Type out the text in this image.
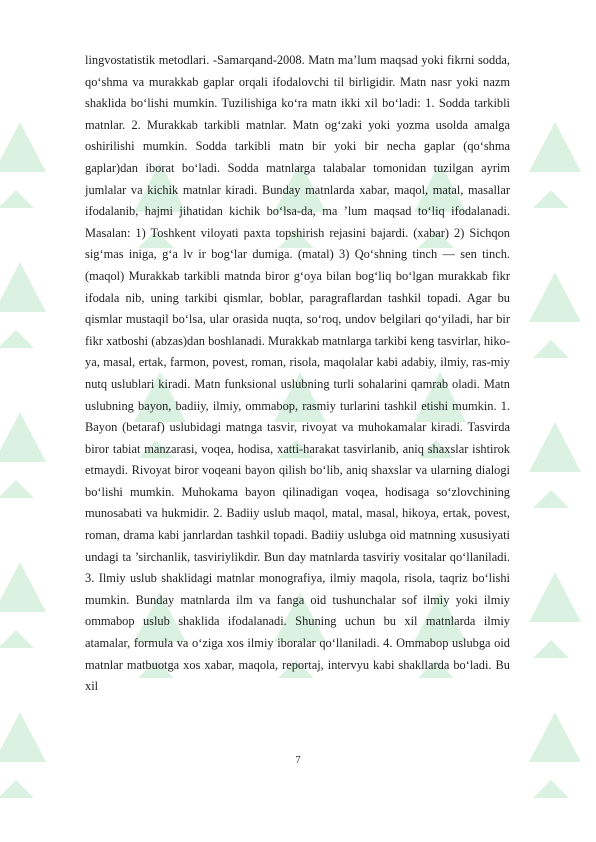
lingvostatistik metodlari. -Samarqand-2008. Matn ma’lum maqsad yoki fikrni sodda, qo‘shma va murakkab gaplar orqali ifodalovchi til birligidir. Matn nasr yoki nazm shaklida bo‘lishi mumkin. Tuzilishiga ko‘ra matn ikki xil bo‘ladi: 1. Sodda tarkibli matnlar. 2. Murakkab tarkibli matnlar. Matn og‘zaki yoki yozma usolda amalga oshirilishi mumkin. Sodda tarkibli matn bir yoki bir necha gaplar (qo‘shma gaplar)dan iborat bo‘ladi. Sodda matnlarga talabalar tomonidan tuzilgan ayrim jumlalar va kichik matnlar kiradi. Bunday matnlarda xabar, maqol, matal, masallar ifodalanib, hajmi jihatidan kichik bo‘lsa-da, ma ’lum maqsad to‘liq ifodalanadi. Masalan: 1) Toshkent viloyati paxta topshirish rejasini bajardi. (xabar) 2) Sichqon sig‘mas iniga, g‘a lv ir bog‘lar dumiga. (matal) 3) Qo‘shning tinch — sen tinch. (maqol) Murakkab tarkibli matnda biror g‘oya bilan bog‘liq bo‘lgan murakkab fikr ifodala nib, uning tarkibi qismlar, boblar, paragraflardan tashkil topadi. Agar bu qismlar mustaqil bo‘lsa, ular orasida nuqta, so‘roq, undov belgilari qo‘yiladi, har bir fikr xatboshi (abzas)dan boshlanadi. Murakkab matnlarga tarkibi keng tasvirlar, hiko-ya, masal, ertak, farmon, povest, roman, risola, maqolalar kabi adabiy, ilmiy, ras-miy nutq uslublari kiradi. Matn funksional uslubning turli sohalarini qamrab oladi. Matn uslubning bayon, badiiy, ilmiy, ommabop, rasmiy turlarini tashkil etishi mumkin. 1. Bayon (betaraf) uslubidagi matnga tasvir, rivoyat va muhokamalar kiradi. Tasvirda biror tabiat manzarasi, voqea, hodisa, xatti-harakat tasvirlanib, aniq shaxslar ishtirok etmaydi. Rivoyat biror voqeani bayon qilish bo‘lib, aniq shaxslar va ularning dialogi bo‘lishi mumkin. Muhokama bayon qilinadigan voqea, hodisaga so‘zlovchining munosabati va hukmidir. 2. Badiiy uslub maqol, matal, masal, hikoya, ertak, povest, roman, drama kabi janrlardan tashkil topadi. Badiiy uslubga oid matnning xususiyati undagi ta ’sirchanlik, tasviriylikdir. Bun day matnlarda tasviriy vositalar qo‘llaniladi. 3. Ilmiy uslub shaklidagi matnlar monografiya, ilmiy maqola, risola, taqriz bo‘lishi mumkin. Bunday matnlarda ilm va fanga oid tushunchalar sof ilmiy yoki ilmiy ommabop uslub shaklida ifodalanadi. Shuning uchun bu xil matnlarda ilmiy atamalar, formula va o‘ziga xos ilmiy iboralar qo‘llaniladi. 4. Ommabop uslubga oid matnlar matbuotga xos xabar, maqola, reportaj, intervyu kabi shakllarda bo‘ladi. Bu xil

7
